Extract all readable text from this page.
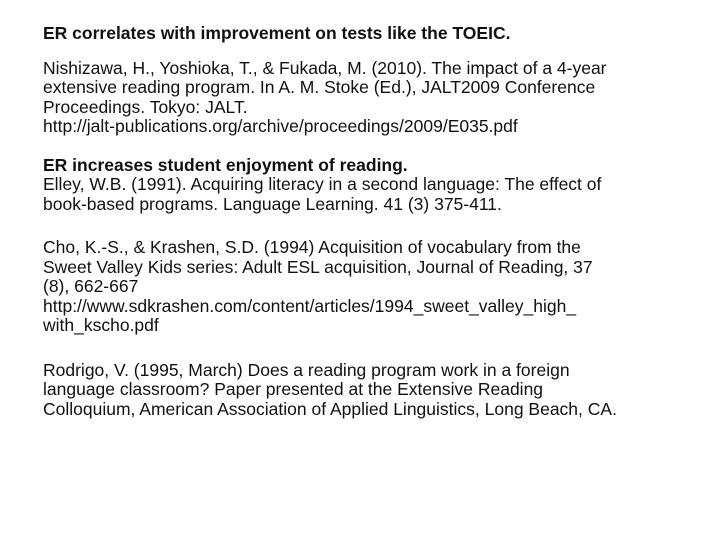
ER correlates with improvement on tests like the TOEIC.
Nishizawa, H., Yoshioka, T., & Fukada, M. (2010). The impact of a 4-year
extensive reading program. In A. M. Stoke (Ed.), JALT2009 Conference
Proceedings. Tokyo: JALT.
http://jalt-publications.org/archive/proceedings/2009/E035.pdf
ER increases student enjoyment of reading.
Elley, W.B. (1991). Acquiring literacy in a second language: The effect of
book-based programs. Language Learning. 41 (3) 375-411.
Cho, K.-S., & Krashen, S.D. (1994) Acquisition of vocabulary from the
Sweet Valley Kids series: Adult ESL acquisition, Journal of Reading, 37
(8), 662-667
http://www.sdkrashen.com/content/articles/1994_sweet_valley_high_
with_kscho.pdf
Rodrigo, V. (1995, March) Does a reading program work in a foreign
language classroom? Paper presented at the Extensive Reading
Colloquium, American Association of Applied Linguistics, Long Beach, CA.
